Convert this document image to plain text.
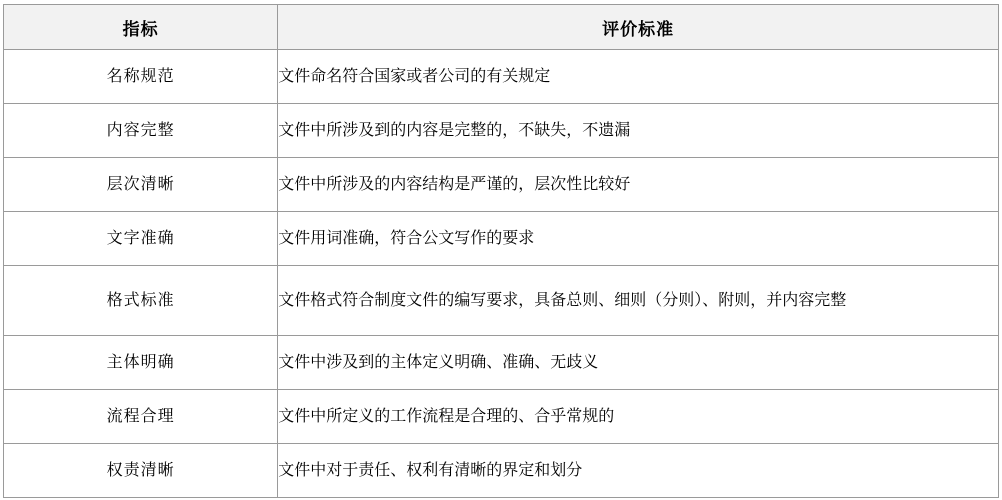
指标	评价标准
名称规范	文件命名符合国家或者公司的有关规定
内容完整	文件中所涉及到的内容是完整的，不缺失，不遗漏
层次清晰	文件中所涉及的内容结构是严谨的，层次性比较好
文字准确	文件用词准确，符合公文写作的要求
格式标准	文件格式符合制度文件的编写要求，具备总则、细则（分则）、附则，并内容完整
主体明确	文件中涉及到的主体定义明确、准确、无歧义
流程合理	文件中所定义的工作流程是合理的、合乎常规的
权责清晰	文件中对于责任、权利有清晰的界定和划分
